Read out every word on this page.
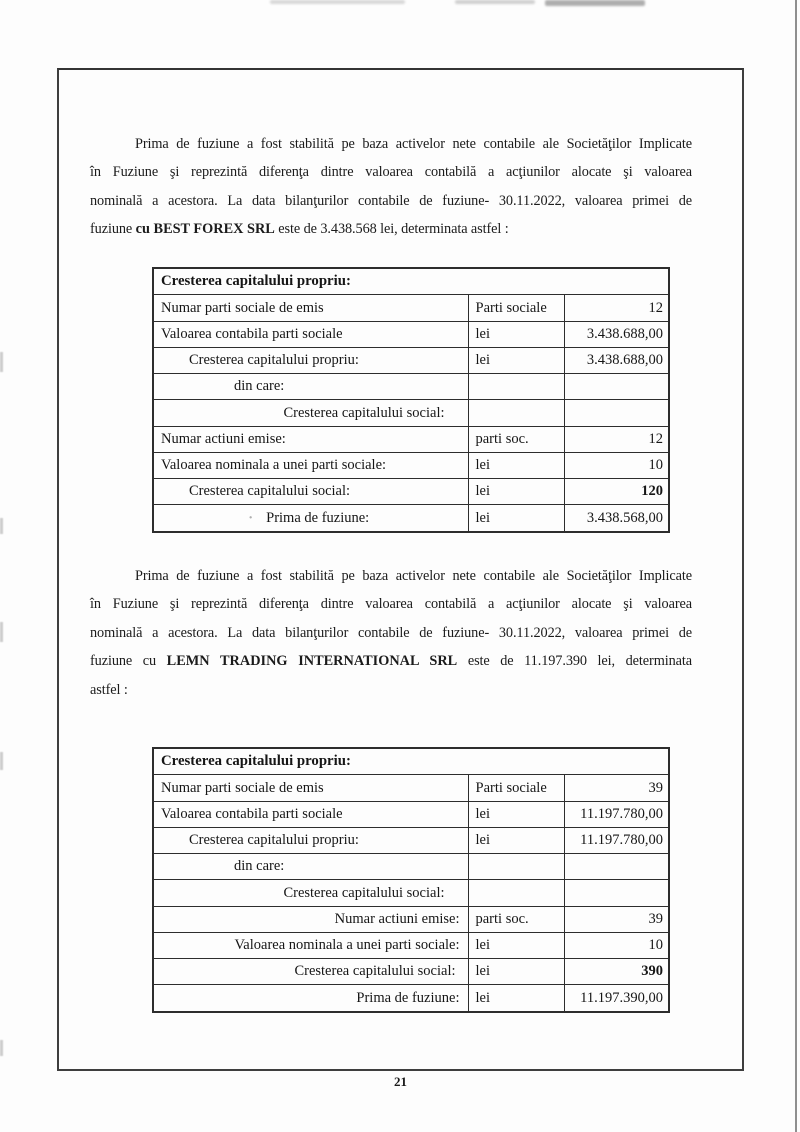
Prima de fuziune a fost stabilită pe baza activelor nete contabile ale Societăţilor Implicate
în Fuziune şi reprezintă diferenţa dintre valoarea contabilă a acţiunilor alocate şi valoarea
nominală a acestora. La data bilanţurilor contabile de fuziune- 30.11.2022, valoarea primei de
fuziune cu BEST FOREX SRL este de 3.438.568 lei, determinata astfel :
Cresterea capitalului propriu:		
Numar parti sociale de emis	Parti sociale	12
Valoarea contabila parti sociale	lei	3.438.688,00
Cresterea capitalului propriu:	lei	3.438.688,00
din care:		
Cresterea capitalului social:		
Numar actiuni emise:	parti soc.	12
Valoarea nominala a unei parti sociale:	lei	10
Cresterea capitalului social:	lei	120
· Prima de fuziune:	lei	3.438.568,00
Prima de fuziune a fost stabilită pe baza activelor nete contabile ale Societăţilor Implicate
în Fuziune şi reprezintă diferenţa dintre valoarea contabilă a acţiunilor alocate şi valoarea
nominală a acestora. La data bilanţurilor contabile de fuziune- 30.11.2022, valoarea primei de
fuziune cu LEMN TRADING INTERNATIONAL SRL este de 11.197.390 lei, determinata
astfel :
Cresterea capitalului propriu:		
Numar parti sociale de emis	Parti sociale	39
Valoarea contabila parti sociale	lei	11.197.780,00
Cresterea capitalului propriu:	lei	11.197.780,00
din care:		
Cresterea capitalului social:		
Numar actiuni emise:	parti soc.	39
Valoarea nominala a unei parti sociale:	lei	10
Cresterea capitalului social:	lei	390
Prima de fuziune:	lei	11.197.390,00
21
